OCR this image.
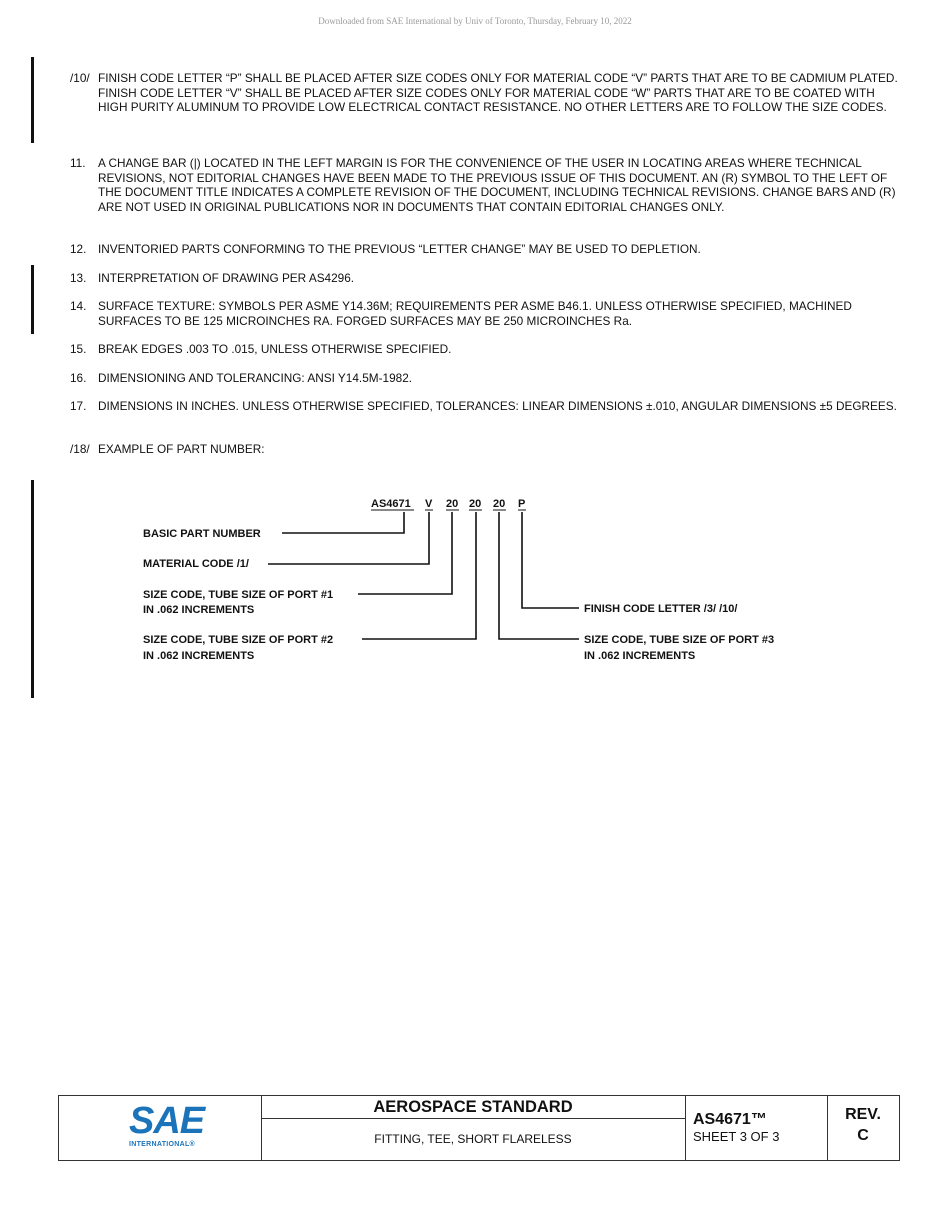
Downloaded from SAE International by Univ of Toronto, Thursday, February 10, 2022
/10/ FINISH CODE LETTER “P” SHALL BE PLACED AFTER SIZE CODES ONLY FOR MATERIAL CODE “V” PARTS THAT ARE TO BE CADMIUM PLATED. FINISH CODE LETTER “V” SHALL BE PLACED AFTER SIZE CODES ONLY FOR MATERIAL CODE “W” PARTS THAT ARE TO BE COATED WITH HIGH PURITY ALUMINUM TO PROVIDE LOW ELECTRICAL CONTACT RESISTANCE. NO OTHER LETTERS ARE TO FOLLOW THE SIZE CODES.
11. A CHANGE BAR (|) LOCATED IN THE LEFT MARGIN IS FOR THE CONVENIENCE OF THE USER IN LOCATING AREAS WHERE TECHNICAL REVISIONS, NOT EDITORIAL CHANGES HAVE BEEN MADE TO THE PREVIOUS ISSUE OF THIS DOCUMENT. AN (R) SYMBOL TO THE LEFT OF THE DOCUMENT TITLE INDICATES A COMPLETE REVISION OF THE DOCUMENT, INCLUDING TECHNICAL REVISIONS. CHANGE BARS AND (R) ARE NOT USED IN ORIGINAL PUBLICATIONS NOR IN DOCUMENTS THAT CONTAIN EDITORIAL CHANGES ONLY.
12. INVENTORIED PARTS CONFORMING TO THE PREVIOUS “LETTER CHANGE” MAY BE USED TO DEPLETION.
13. INTERPRETATION OF DRAWING PER AS4296.
14. SURFACE TEXTURE: SYMBOLS PER ASME Y14.36M; REQUIREMENTS PER ASME B46.1. UNLESS OTHERWISE SPECIFIED, MACHINED SURFACES TO BE 125 MICROINCHES RA. FORGED SURFACES MAY BE 250 MICROINCHES Ra.
15. BREAK EDGES .003 TO .015, UNLESS OTHERWISE SPECIFIED.
16. DIMENSIONING AND TOLERANCING: ANSI Y14.5M-1982.
17. DIMENSIONS IN INCHES. UNLESS OTHERWISE SPECIFIED, TOLERANCES: LINEAR DIMENSIONS ±.010, ANGULAR DIMENSIONS ±5 DEGREES.
/18/ EXAMPLE OF PART NUMBER:
AS4671 V 20 20 20 P
BASIC PART NUMBER
MATERIAL CODE /1/
SIZE CODE, TUBE SIZE OF PORT #1
IN .062 INCREMENTS
SIZE CODE, TUBE SIZE OF PORT #2
IN .062 INCREMENTS
FINISH CODE LETTER /3/ /10/
SIZE CODE, TUBE SIZE OF PORT #3
IN .062 INCREMENTS
SAE
INTERNATIONAL®
AEROSPACE STANDARD
FITTING, TEE, SHORT FLARELESS
AS4671™
SHEET 3 OF 3
REV.
C
